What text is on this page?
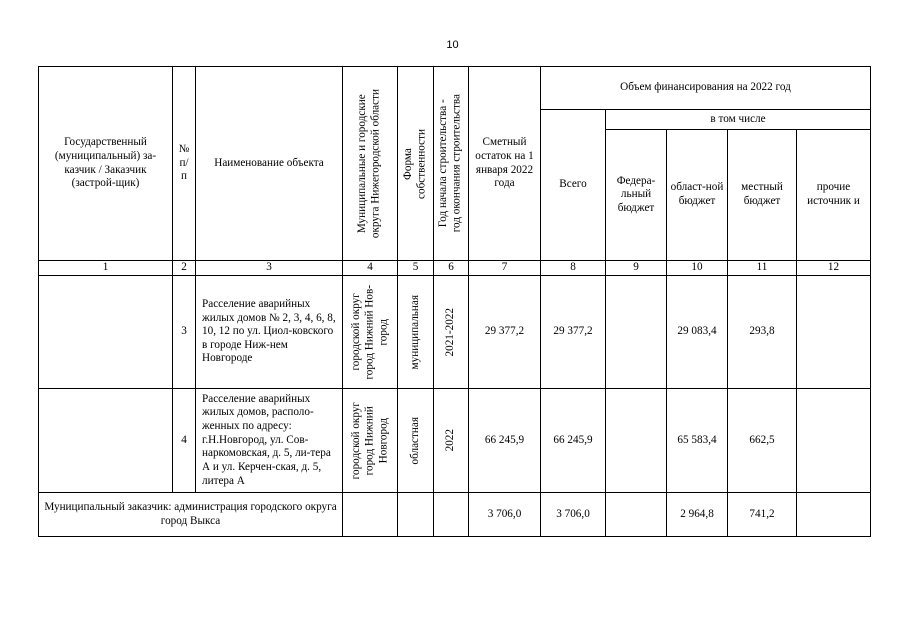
10
Государственный (муниципальный) за-казчик / Заказчик (застрой-щик)	№ п/ п	Наименование объекта	Муниципальные и городские округа Нижегородской области	Форма собственности	Год начала строительства - год окончания строительства	Сметный остаток на 1 января 2022 года	Объем финансирования на 2022 год				
							Всего	в том числе			
								Федера-льный бюджет	област-ной бюджет	местный бюджет	прочие источник и
1	2	3	4	5	6	7	8	9	10	11	12
	3	Расселение аварийных жилых домов № 2, 3, 4, 6, 8, 10, 12 по ул. Циол-ковского в городе Ниж-нем Новгороде	городской округ город Нижний Нов- город	муниципальная	2021-2022	29 377,2	29 377,2		29 083,4	293,8	
	4	Расселение аварийных жилых домов, располо-женных по адресу: г.Н.Новгород, ул. Сов-наркомовская, д. 5, ли-тера А и ул. Керчен-ская, д. 5, литера А	городской округ город Нижний Новгород	областная	2022	66 245,9	66 245,9		65 583,4	662,5	
Муниципальный заказчик: администрация городского округа город Выкса						3 706,0	3 706,0		2 964,8	741,2	
